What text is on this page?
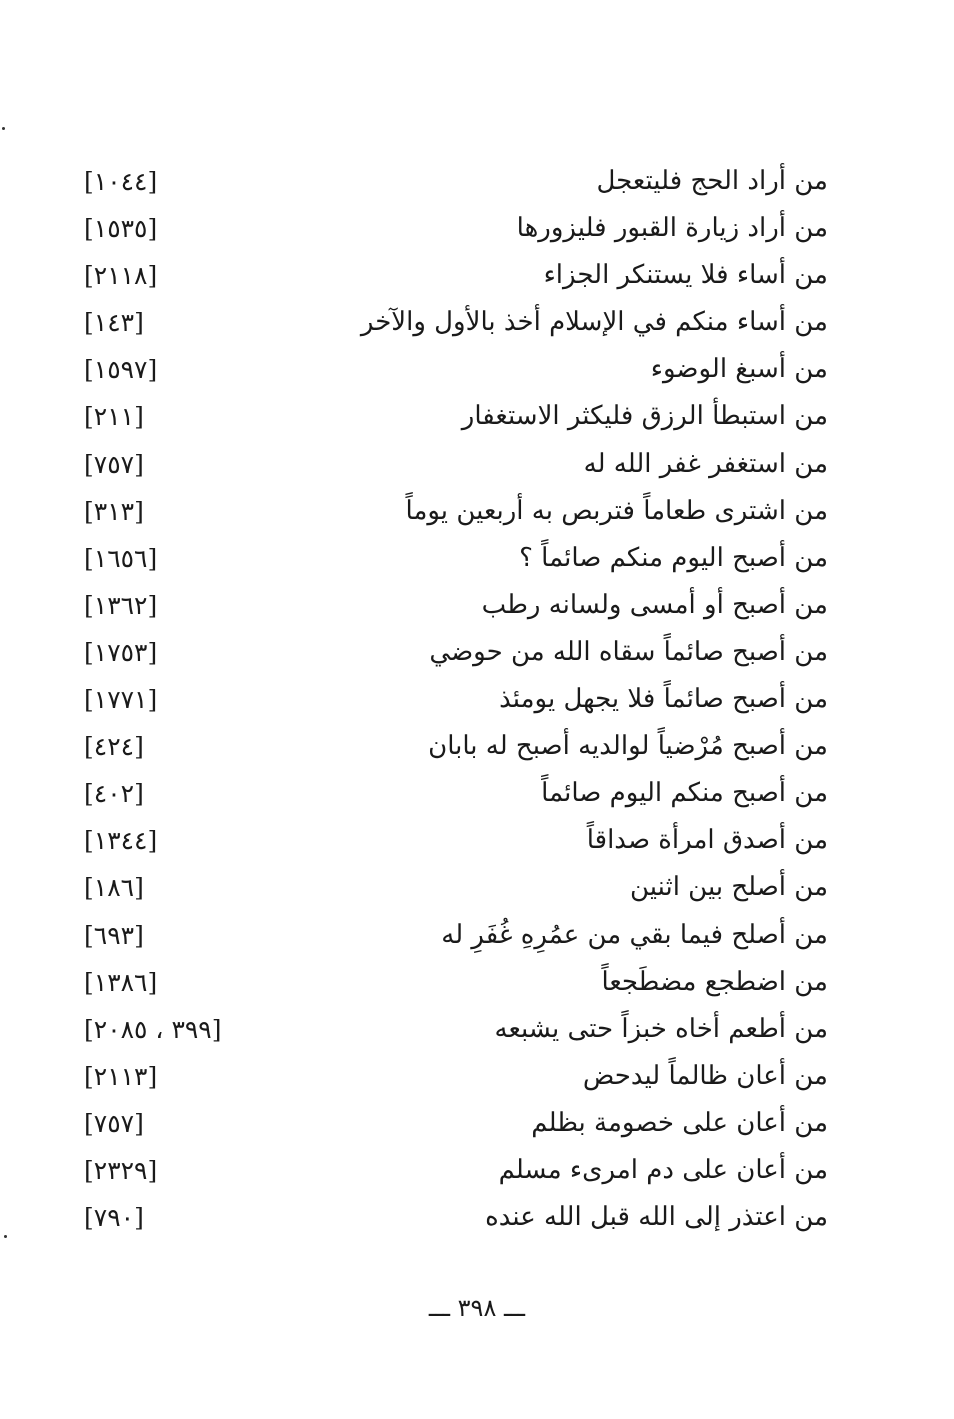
من أراد الحج فليتعجل
[١٠٤٤]
من أراد زيارة القبور فليزورها
[١٥٣٥]
من أساء فلا يستنكر الجزاء
[٢١١٨]
من أساء منكم في الإسلام أخذ بالأول والآخر
[١٤٣]
من أسبغ الوضوء
[١٥٩٧]
من استبطأ الرزق فليكثر الاستغفار
[٢١١]
من استغفر غفر الله له
[٧٥٧]
من اشترى طعاماً فتربص به أربعين يوماً
[٣١٣]
من أصبح اليوم منكم صائماً ؟
[١٦٥٦]
من أصبح أو أمسى ولسانه رطب
[١٣٦٢]
من أصبح صائماً سقاه الله من حوضي
[١٧٥٣]
من أصبح صائماً فلا يجهل يومئذ
[١٧٧١]
من أصبح مُرْضياً لوالديه أصبح له بابان
[٤٢٤]
من أصبح منكم اليوم صائماً
[٤٠٢]
من أصدق امرأة صداقاً
[١٣٤٤]
من أصلح بين اثنين
[١٨٦]
من أصلح فيما بقي من عمُرِهِ غُفَرِ له
[٦٩٣]
من اضطجع مضطَجعاً
[١٣٨٦]
من أطعم أخاه خبزاً حتى يشبعه
[٣٩٩ ، ٢٠٨٥]
من أعان ظالماً ليدحض
[٢١١٣]
من أعان على خصومة بظلم
[٧٥٧]
من أعان على دم امرىء مسلم
[٢٣٢٩]
من اعتذر إلى الله قبل الله عنده
[٧٩٠]
ـــ ٣٩٨ ـــ
